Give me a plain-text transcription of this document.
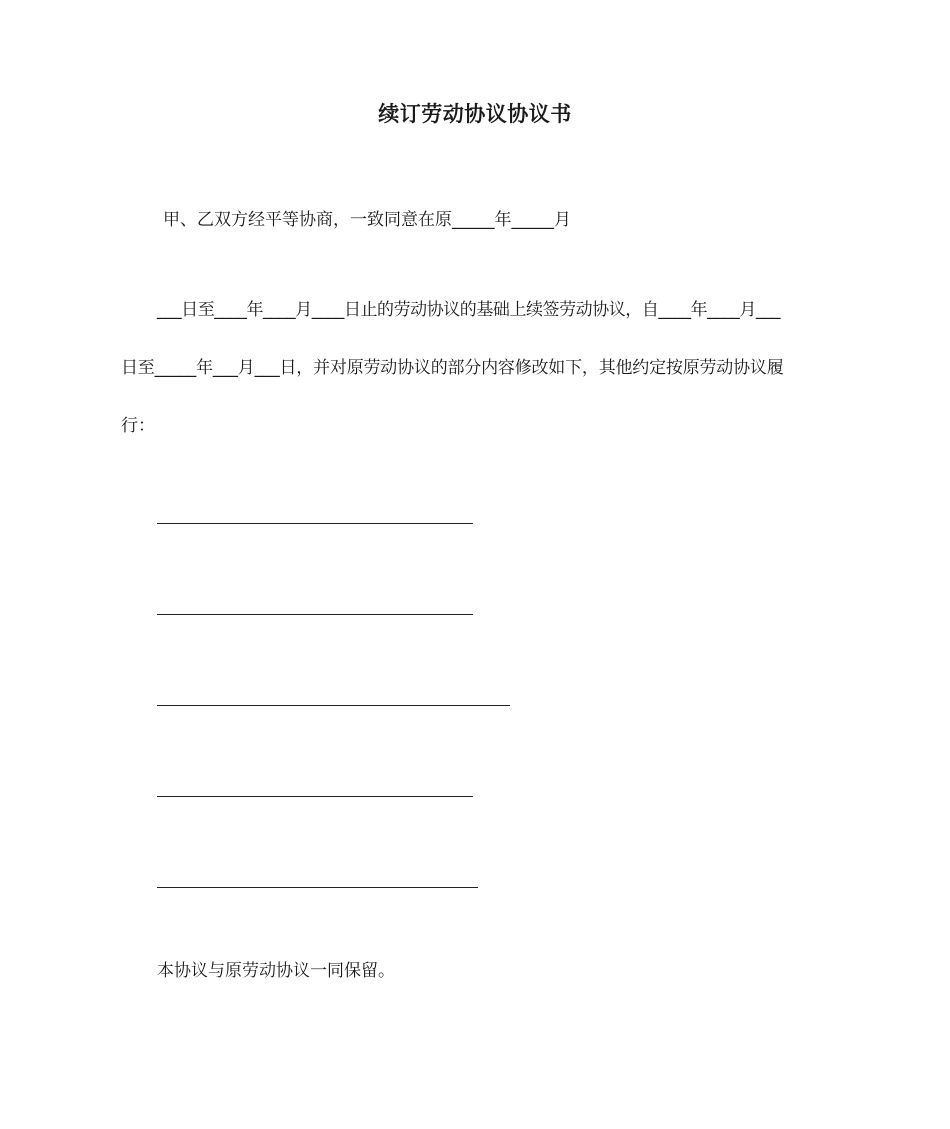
续订劳动协议协议书
甲、乙双方经平等协商，一致同意在原_____年_____月
___日至____年____月____日止的劳动协议的基础上续签劳动协议，自____年____月___
日至_____年___月___日，并对原劳动协议的部分内容修改如下，其他约定按原劳动协议履
行：
本协议与原劳动协议一同保留。
